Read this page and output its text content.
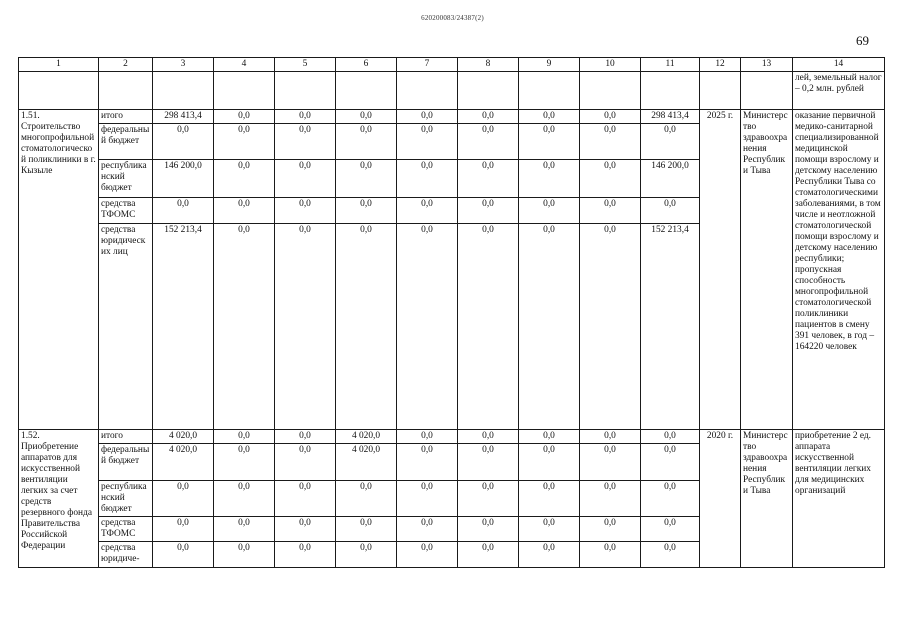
620200083/24387(2)
69
1	2	3	4	5	6	7	8	9	10	11	12	13	14
													лей, земельный налог – 0,2 млн. рублей
1.51. Строительство многопрофильной стоматологической поликлиники в г. Кызыле	итого	298 413,4	0,0	0,0	0,0	0,0	0,0	0,0	0,0	298 413,4	2025 г.	Министерство здравоохранения Республики Тыва	оказание первичной медико-санитарной специализированной медицинской помощи взрослому и детскому населению Республики Тыва со стоматологическими заболеваниями, в том числе и неотложной стоматологической помощи взрослому и детскому населению республики; пропускная способность многопрофильной стоматологической поликлиники пациентов в смену 391 человек, в год – 164220 человек
	федеральный бюджет	0,0	0,0	0,0	0,0	0,0	0,0	0,0	0,0	0,0			
	республиканский бюджет	146 200,0	0,0	0,0	0,0	0,0	0,0	0,0	0,0	146 200,0			
	средства ТФОМС	0,0	0,0	0,0	0,0	0,0	0,0	0,0	0,0	0,0			
	средства юридических лиц	152 213,4	0,0	0,0	0,0	0,0	0,0	0,0	0,0	152 213,4			
1.52. Приобретение аппаратов для искусственной вентиляции легких за счет средств резервного фонда Правительства Российской Федерации	итого	4 020,0	0,0	0,0	4 020,0	0,0	0,0	0,0	0,0	0,0	2020 г.	Министерство здравоохранения Республики Тыва	приобретение 2 ед. аппарата искусственной вентиляции легких для медицинских организаций
	федеральный бюджет	4 020,0	0,0	0,0	4 020,0	0,0	0,0	0,0	0,0	0,0			
	республиканский бюджет	0,0	0,0	0,0	0,0	0,0	0,0	0,0	0,0	0,0			
	средства ТФОМС	0,0	0,0	0,0	0,0	0,0	0,0	0,0	0,0	0,0			
	средства юридиче-	0,0	0,0	0,0	0,0	0,0	0,0	0,0	0,0	0,0			
